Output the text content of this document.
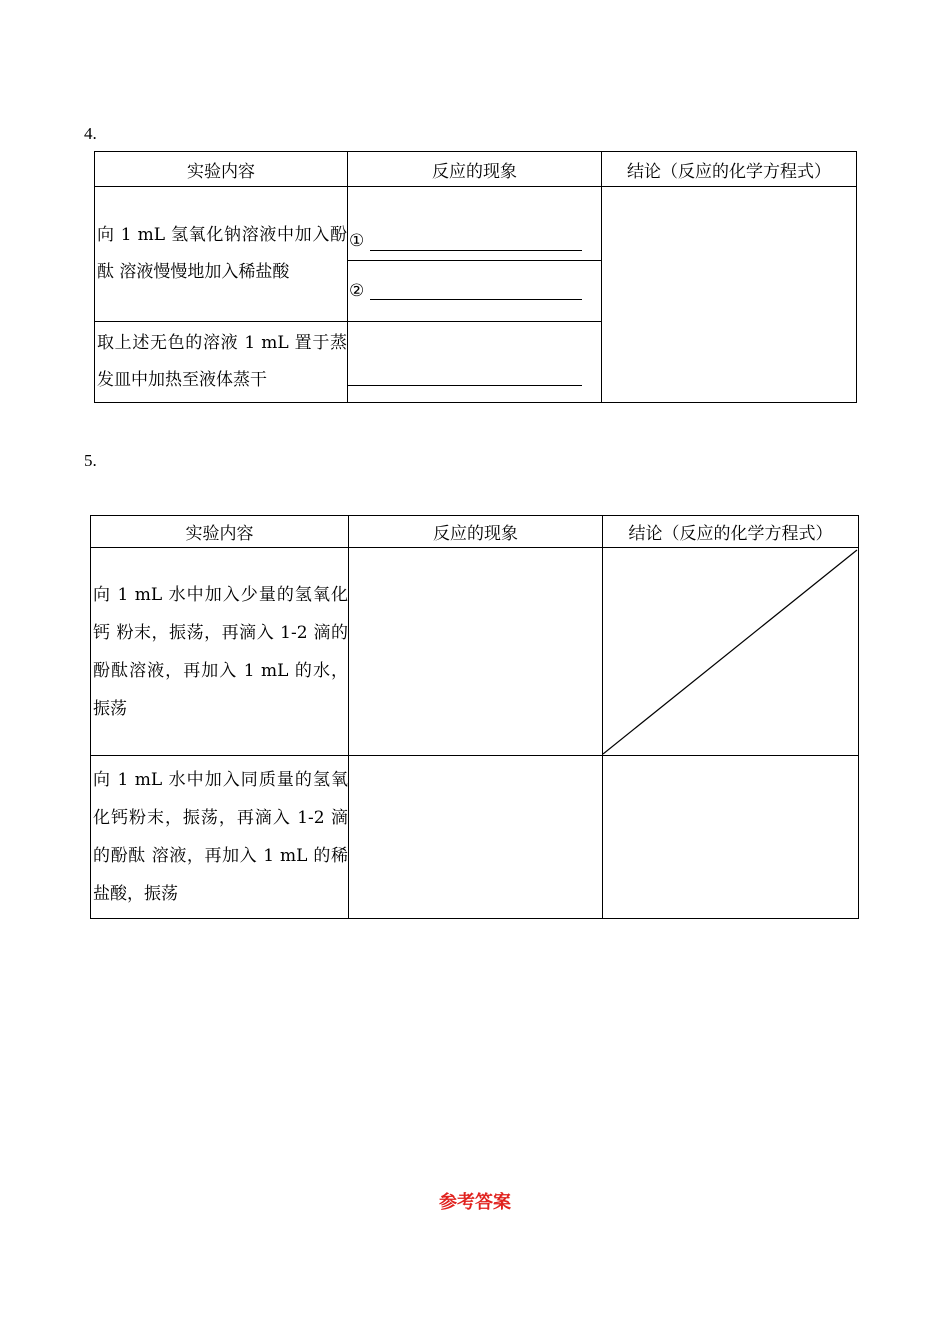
4.
实验内容	反应的现象	结论（反应的化学方程式）
向 1 mL 氢氧化钠溶液中加入酚酞 溶液慢慢地加入稀盐酸	①
②	

取上述无色的溶液 1 mL 置于蒸发皿中加热至液体蒸干		
5.
实验内容	反应的现象	结论（反应的化学方程式）
向 1 mL 水中加入少量的氢氧化钙 粉末，振荡，再滴入 1-2 滴的酚酞溶液，再加入 1 mL 的水，振荡		

向 1 mL 水中加入同质量的氢氧化钙粉末，振荡，再滴入 1-2 滴的酚酞 溶液，再加入 1 mL 的稀盐酸，振荡		
参考答案
